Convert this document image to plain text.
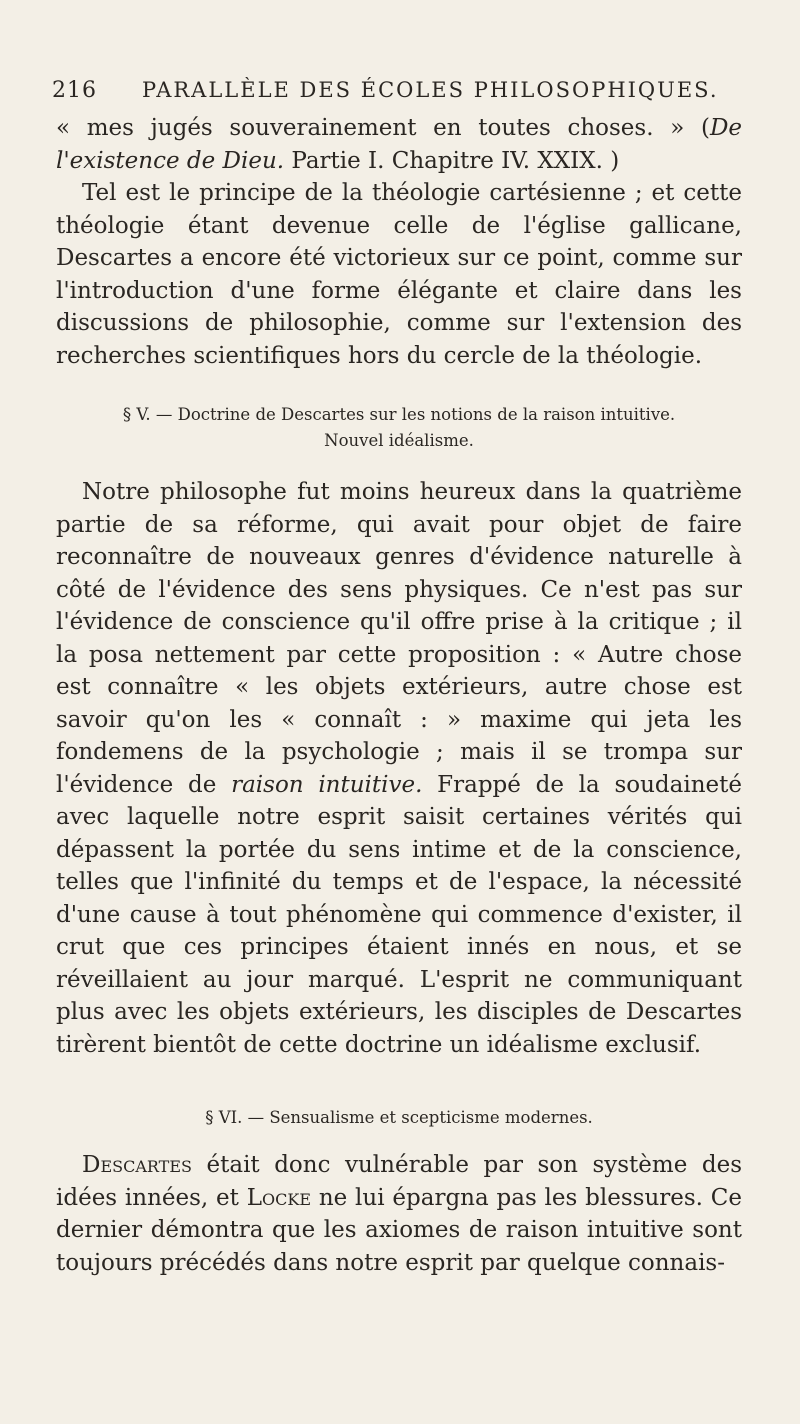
216 PARALLÈLE DES ÉCOLES PHILOSOPHIQUES.

« mes jugés souverainement en toutes choses. » (De l'existence de Dieu. Partie I. Chapitre IV. XXIX. )

Tel est le principe de la théologie cartésienne ; et cette théologie étant devenue celle de l'église gallicane, Descartes a encore été victorieux sur ce point, comme sur l'introduction d'une forme élégante et claire dans les discussions de philosophie, comme sur l'extension des recherches scientifiques hors du cercle de la théologie.

§ V. — Doctrine de Descartes sur les notions de la raison intuitive.

Nouvel idéalisme.

Notre philosophe fut moins heureux dans la quatrième partie de sa réforme, qui avait pour objet de faire reconnaître de nouveaux genres d'évidence naturelle à côté de l'évidence des sens physiques. Ce n'est pas sur l'évidence de conscience qu'il offre prise à la critique ; il la posa nettement par cette proposition : « Autre chose est connaître « les objets extérieurs, autre chose est savoir qu'on les « connaît : » maxime qui jeta les fondemens de la psychologie ; mais il se trompa sur l'évidence de raison intuitive. Frappé de la soudaineté avec laquelle notre esprit saisit certaines vérités qui dépassent la portée du sens intime et de la conscience, telles que l'infinité du temps et de l'espace, la nécessité d'une cause à tout phénomène qui commence d'exister, il crut que ces principes étaient innés en nous, et se réveillaient au jour marqué. L'esprit ne communiquant plus avec les objets extérieurs, les disciples de Descartes tirèrent bientôt de cette doctrine un idéalisme exclusif.

§ VI. — Sensualisme et scepticisme modernes.

Descartes était donc vulnérable par son système des idées innées, et Locke ne lui épargna pas les blessures. Ce dernier démontra que les axiomes de raison intuitive sont toujours précédés dans notre esprit par quelque connais-
